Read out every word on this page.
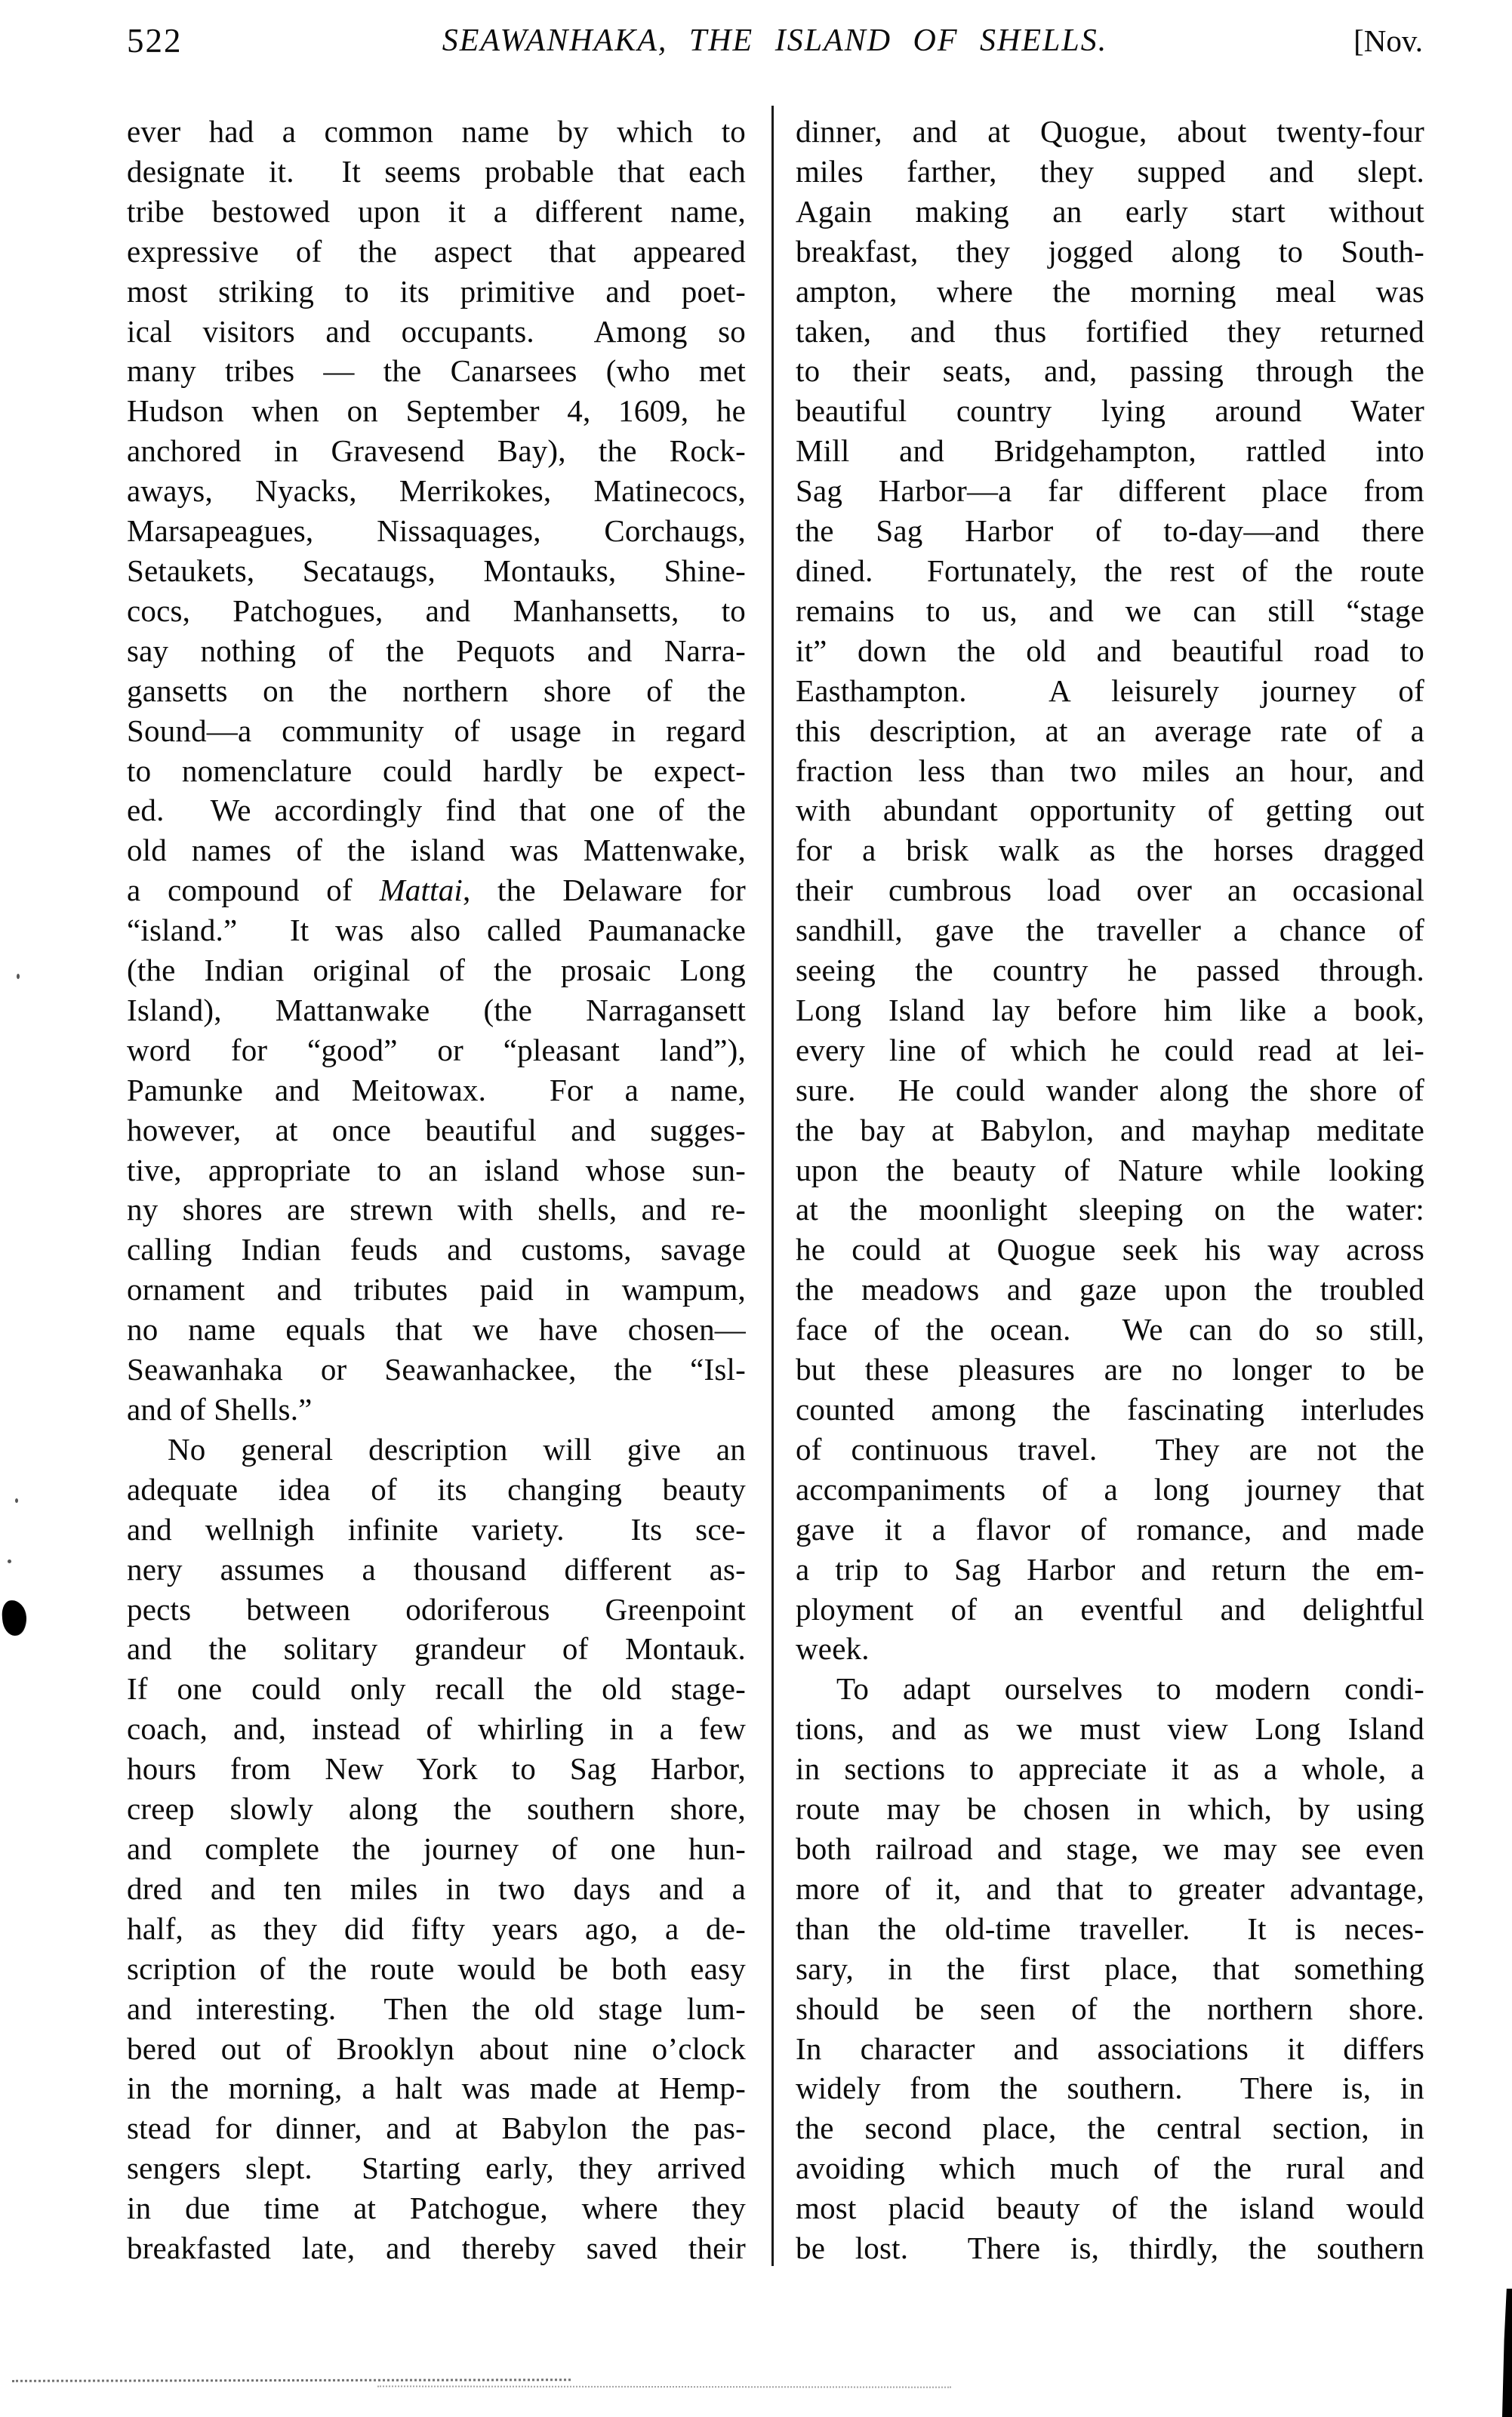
522	SEAWANHAKA, THE ISLAND OF SHELLS.	[Nov.
ever had a common name by which to
designate it.  It seems probable that each
tribe bestowed upon it a different name,
expressive of the aspect that appeared
most striking to its primitive and poet-
ical visitors and occupants.  Among so
many tribes — the Canarsees (who met
Hudson when on September 4, 1609, he
anchored in Gravesend Bay), the Rock-
aways, Nyacks, Merrikokes, Matinecocs,
Marsapeagues, Nissaquages, Corchaugs,
Setaukets, Secataugs, Montauks, Shine-
cocs, Patchogues, and Manhansetts, to
say nothing of the Pequots and Narra-
gansetts on the northern shore of the
Sound—a community of usage in regard
to nomenclature could hardly be expect-
ed.  We accordingly find that one of the
old names of the island was Mattenwake,
a compound of Mattai, the Delaware for
“island.”  It was also called Paumanacke
(the Indian original of the prosaic Long
Island), Mattanwake (the Narragansett
word for “good” or “pleasant land”),
Pamunke and Meitowax.  For a name,
however, at once beautiful and sugges-
tive, appropriate to an island whose sun-
ny shores are strewn with shells, and re-
calling Indian feuds and customs, savage
ornament and tributes paid in wampum,
no name equals that we have chosen—
Seawanhaka or Seawanhackee, the “Isl-
and of Shells.”
No general description will give an
adequate idea of its changing beauty
and wellnigh infinite variety.  Its sce-
nery assumes a thousand different as-
pects between odoriferous Greenpoint
and the solitary grandeur of Montauk.
If one could only recall the old stage-
coach, and, instead of whirling in a few
hours from New York to Sag Harbor,
creep slowly along the southern shore,
and complete the journey of one hun-
dred and ten miles in two days and a
half, as they did fifty years ago, a de-
scription of the route would be both easy
and interesting.  Then the old stage lum-
bered out of Brooklyn about nine o’clock
in the morning, a halt was made at Hemp-
stead for dinner, and at Babylon the pas-
sengers slept.  Starting early, they arrived
in due time at Patchogue, where they
breakfasted late, and thereby saved their
dinner, and at Quogue, about twenty-four
miles farther, they supped and slept.
Again making an early start without
breakfast, they jogged along to South-
ampton, where the morning meal was
taken, and thus fortified they returned
to their seats, and, passing through the
beautiful country lying around Water
Mill and Bridgehampton, rattled into
Sag Harbor—a far different place from
the Sag Harbor of to-day—and there
dined.  Fortunately, the rest of the route
remains to us, and we can still “stage
it” down the old and beautiful road to
Easthampton.  A leisurely journey of
this description, at an average rate of a
fraction less than two miles an hour, and
with abundant opportunity of getting out
for a brisk walk as the horses dragged
their cumbrous load over an occasional
sandhill, gave the traveller a chance of
seeing the country he passed through.
Long Island lay before him like a book,
every line of which he could read at lei-
sure.  He could wander along the shore of
the bay at Babylon, and mayhap meditate
upon the beauty of Nature while looking
at the moonlight sleeping on the water:
he could at Quogue seek his way across
the meadows and gaze upon the troubled
face of the ocean.  We can do so still,
but these pleasures are no longer to be
counted among the fascinating interludes
of continuous travel.  They are not the
accompaniments of a long journey that
gave it a flavor of romance, and made
a trip to Sag Harbor and return the em-
ployment of an eventful and delightful
week.
To adapt ourselves to modern condi-
tions, and as we must view Long Island
in sections to appreciate it as a whole, a
route may be chosen in which, by using
both railroad and stage, we may see even
more of it, and that to greater advantage,
than the old-time traveller.  It is neces-
sary, in the first place, that something
should be seen of the northern shore.
In character and associations it differs
widely from the southern.  There is, in
the second place, the central section, in
avoiding which much of the rural and
most placid beauty of the island would
be lost.  There is, thirdly, the southern
